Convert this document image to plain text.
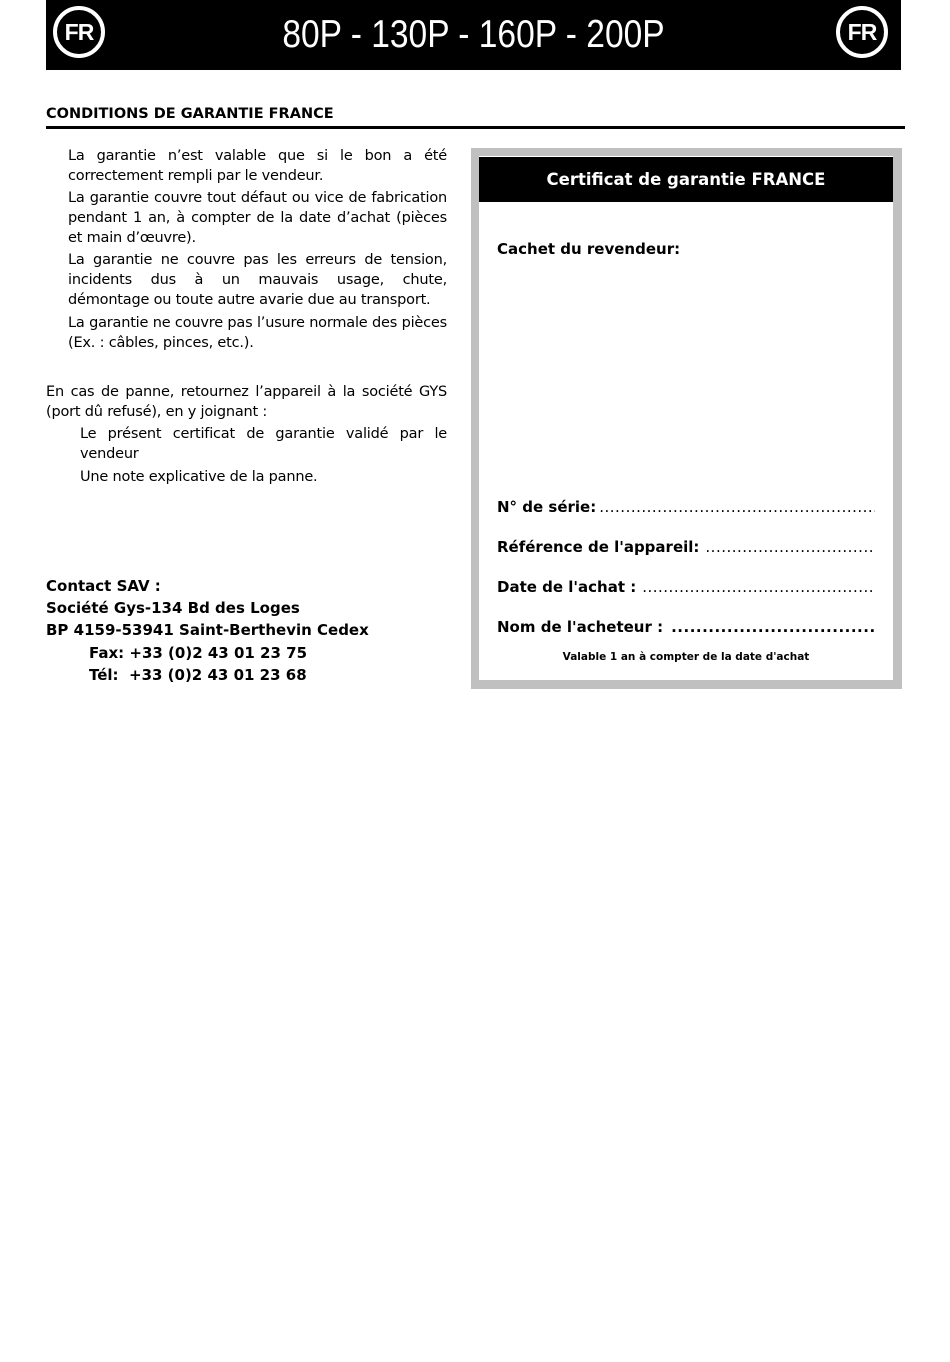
FR	80P - 130P - 160P - 200P	FR
CONDITIONS DE GARANTIE FRANCE
La garantie n’est valable que si le bon a été correctement rempli par le vendeur.
La garantie couvre tout défaut ou vice de fabrication pendant 1 an, à compter de la date d’achat (pièces et main d’œuvre).
La garantie ne couvre pas les erreurs de tension, incidents dus à un mauvais usage, chute, démontage ou toute autre avarie due au transport.
La garantie ne couvre pas l’usure normale des pièces (Ex. : câbles, pinces, etc.).
En cas de panne, retournez l’appareil à la société GYS (port dû refusé), en y joignant :
Le présent certificat de garantie validé par le vendeur
Une note explicative de la panne.
Contact SAV :
Société Gys-134 Bd des Loges
BP 4159-53941 Saint-Berthevin Cedex
Fax: +33 (0)2 43 01 23 75
Tél:  +33 (0)2 43 01 23 68
Certificat de garantie FRANCE
Cachet du revendeur:
N° de série:
.....
Référence de l'appareil:
.....
Date de l'achat :
.....
Nom de l'acheteur :
.....
Valable 1 an à compter de la date d'achat
